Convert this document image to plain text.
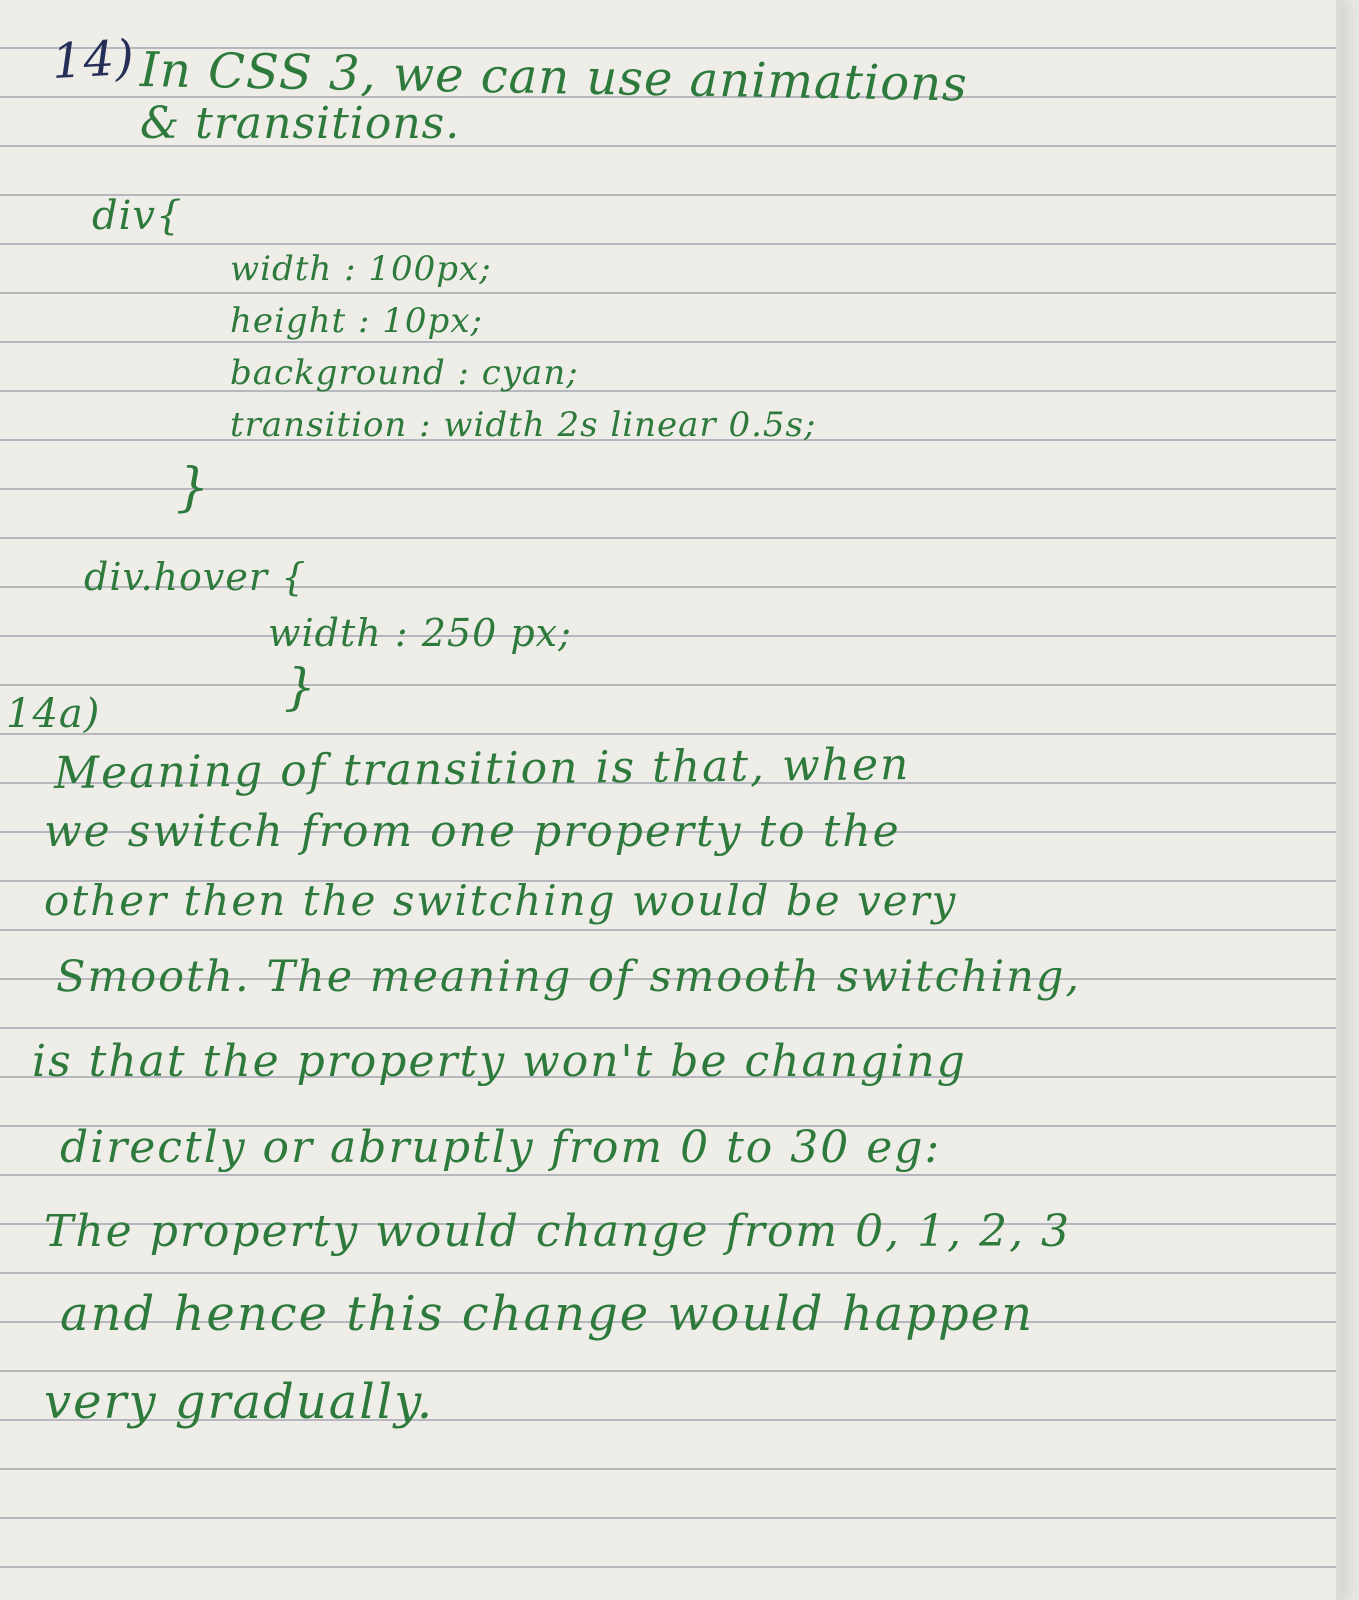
14) In CSS 3, we can use animations
& transitions.
div{
width : 100px;
height : 10px;
background : cyan;
transition : width 2s linear 0.5s;
}
div.hover {
width : 250 px;
}
14a)
Meaning of transition is that, when
we switch from one property to the
other then the switching would be very
Smooth. The meaning of smooth switching,
is that the property won't be changing
directly or abruptly from 0 to 30 eg:
The property would change from 0, 1, 2, 3
and hence this change would happen
very gradually.
